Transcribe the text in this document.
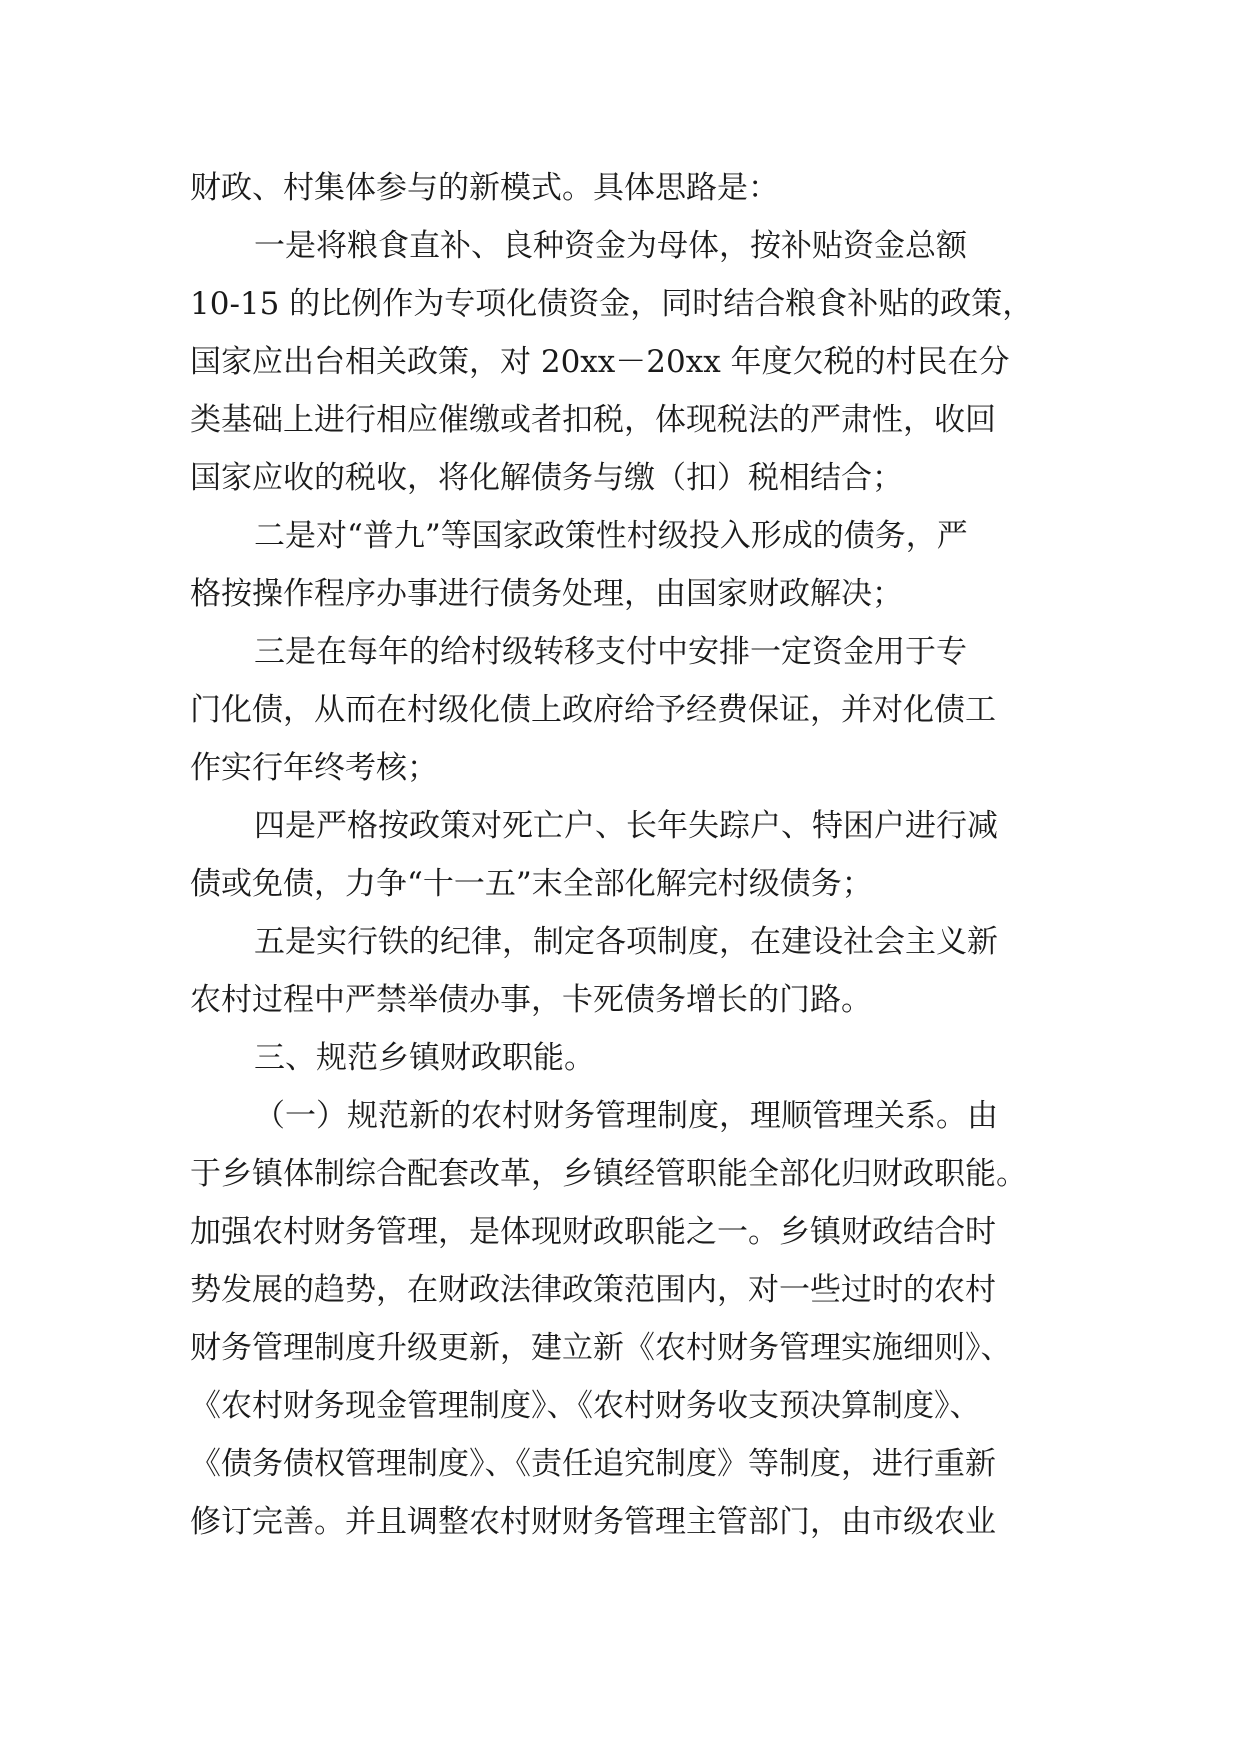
财政、村集体参与的新模式。具体思路是：
一是将粮食直补、良种资金为母体，按补贴资金总额
10-15 的比例作为专项化债资金，同时结合粮食补贴的政策，
国家应出台相关政策，对 20xx－20xx 年度欠税的村民在分
类基础上进行相应催缴或者扣税，体现税法的严肃性，收回
国家应收的税收，将化解债务与缴（扣）税相结合；
二是对“普九”等国家政策性村级投入形成的债务，严
格按操作程序办事进行债务处理，由国家财政解决；
三是在每年的给村级转移支付中安排一定资金用于专
门化债，从而在村级化债上政府给予经费保证，并对化债工
作实行年终考核；
四是严格按政策对死亡户、长年失踪户、特困户进行减
债或免债，力争“十一五”末全部化解完村级债务；
五是实行铁的纪律，制定各项制度，在建设社会主义新
农村过程中严禁举债办事，卡死债务增长的门路。
三、规范乡镇财政职能。
（一）规范新的农村财务管理制度，理顺管理关系。由
于乡镇体制综合配套改革，乡镇经管职能全部化归财政职能。
加强农村财务管理，是体现财政职能之一。乡镇财政结合时
势发展的趋势，在财政法律政策范围内，对一些过时的农村
财务管理制度升级更新，建立新《农村财务管理实施细则》、
《农村财务现金管理制度》、《农村财务收支预决算制度》、
《债务债权管理制度》、《责任追究制度》等制度，进行重新
修订完善。并且调整农村财财务管理主管部门，由市级农业
